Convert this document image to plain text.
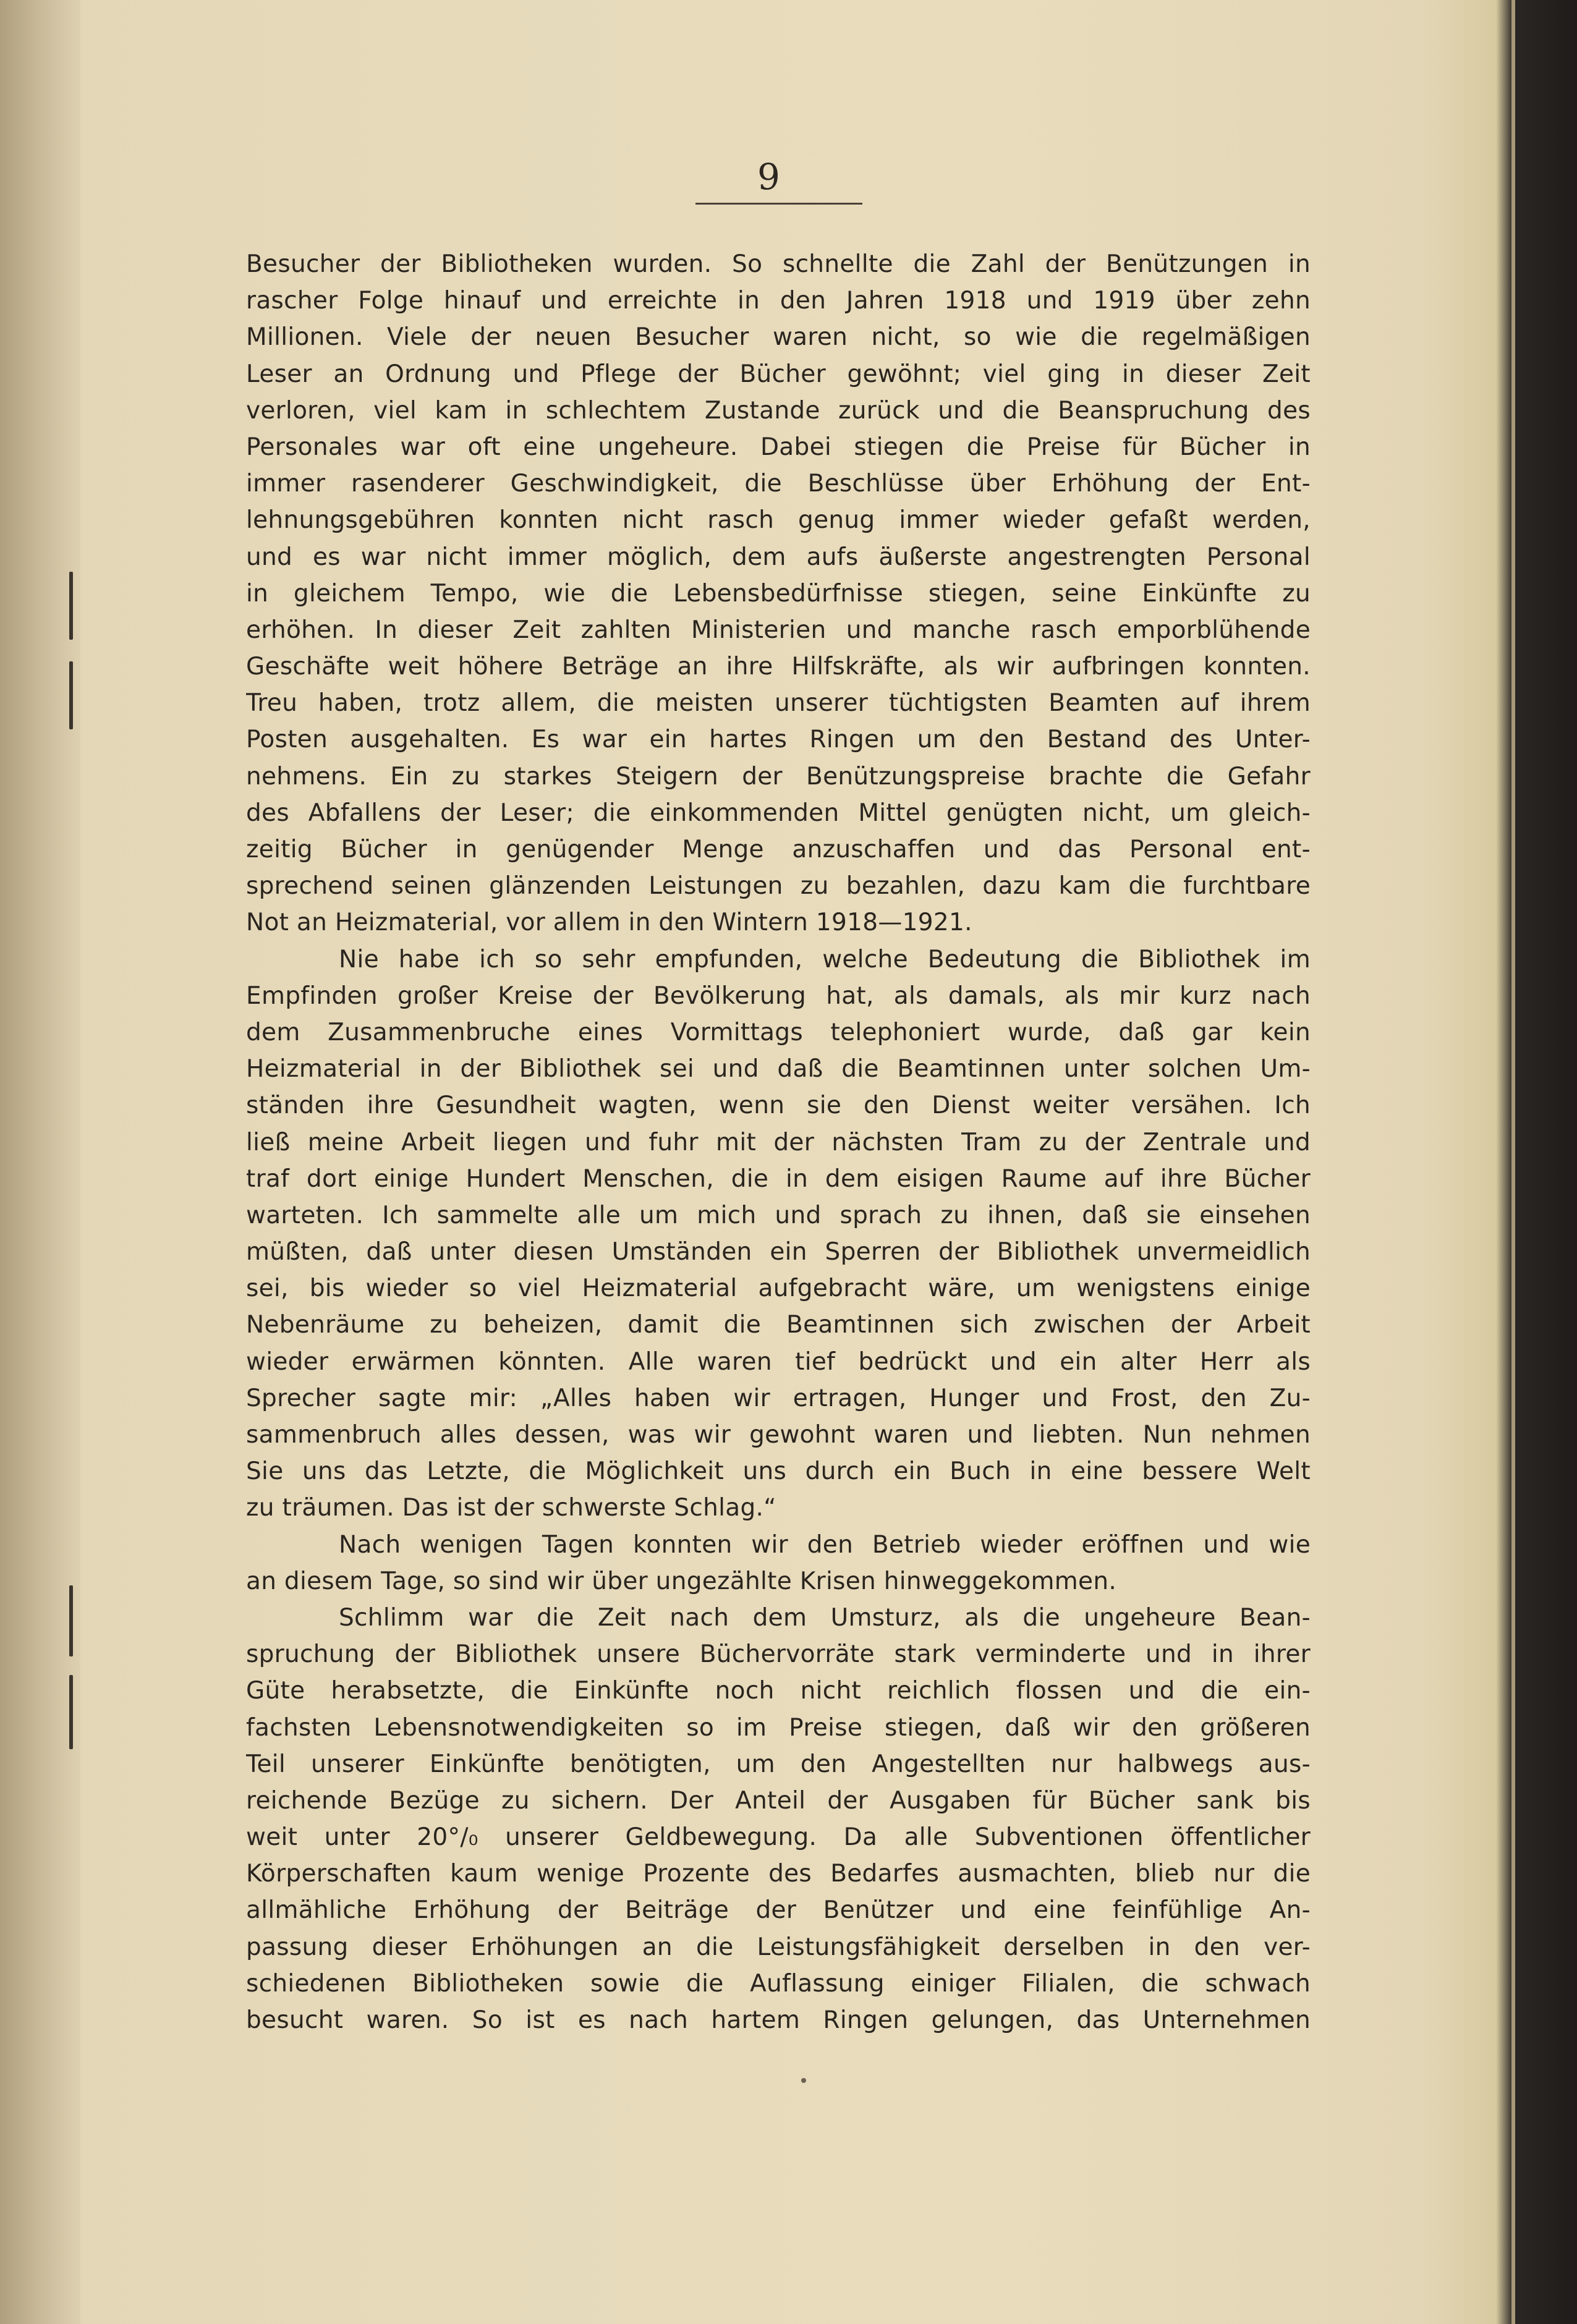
9
Besucher der Bibliotheken wurden. So schnellte die Zahl der Benützungen in
rascher Folge hinauf und erreichte in den Jahren 1918 und 1919 über zehn
Millionen. Viele der neuen Besucher waren nicht, so wie die regelmäßigen
Leser an Ordnung und Pflege der Bücher gewöhnt; viel ging in dieser Zeit
verloren, viel kam in schlechtem Zustande zurück und die Beanspruchung des
Personales war oft eine ungeheure. Dabei stiegen die Preise für Bücher in
immer rasenderer Geschwindigkeit, die Beschlüsse über Erhöhung der Ent-
lehnungsgebühren konnten nicht rasch genug immer wieder gefaßt werden,
und es war nicht immer möglich, dem aufs äußerste angestrengten Personal
in gleichem Tempo, wie die Lebensbedürfnisse stiegen, seine Einkünfte zu
erhöhen. In dieser Zeit zahlten Ministerien und manche rasch emporblühende
Geschäfte weit höhere Beträge an ihre Hilfskräfte, als wir aufbringen konnten.
Treu haben, trotz allem, die meisten unserer tüchtigsten Beamten auf ihrem
Posten ausgehalten. Es war ein hartes Ringen um den Bestand des Unter-
nehmens. Ein zu starkes Steigern der Benützungspreise brachte die Gefahr
des Abfallens der Leser; die einkommenden Mittel genügten nicht, um gleich-
zeitig Bücher in genügender Menge anzuschaffen und das Personal ent-
sprechend seinen glänzenden Leistungen zu bezahlen, dazu kam die furchtbare
Not an Heizmaterial, vor allem in den Wintern 1918—1921.
Nie habe ich so sehr empfunden, welche Bedeutung die Bibliothek im
Empfinden großer Kreise der Bevölkerung hat, als damals, als mir kurz nach
dem Zusammenbruche eines Vormittags telephoniert wurde, daß gar kein
Heizmaterial in der Bibliothek sei und daß die Beamtinnen unter solchen Um-
ständen ihre Gesundheit wagten, wenn sie den Dienst weiter versähen. Ich
ließ meine Arbeit liegen und fuhr mit der nächsten Tram zu der Zentrale und
traf dort einige Hundert Menschen, die in dem eisigen Raume auf ihre Bücher
warteten. Ich sammelte alle um mich und sprach zu ihnen, daß sie einsehen
müßten, daß unter diesen Umständen ein Sperren der Bibliothek unvermeidlich
sei, bis wieder so viel Heizmaterial aufgebracht wäre, um wenigstens einige
Nebenräume zu beheizen, damit die Beamtinnen sich zwischen der Arbeit
wieder erwärmen könnten. Alle waren tief bedrückt und ein alter Herr als
Sprecher sagte mir: „Alles haben wir ertragen, Hunger und Frost, den Zu-
sammenbruch alles dessen, was wir gewohnt waren und liebten. Nun nehmen
Sie uns das Letzte, die Möglichkeit uns durch ein Buch in eine bessere Welt
zu träumen. Das ist der schwerste Schlag.“
Nach wenigen Tagen konnten wir den Betrieb wieder eröffnen und wie
an diesem Tage, so sind wir über ungezählte Krisen hinweggekommen.
Schlimm war die Zeit nach dem Umsturz, als die ungeheure Bean-
spruchung der Bibliothek unsere Büchervorräte stark verminderte und in ihrer
Güte herabsetzte, die Einkünfte noch nicht reichlich flossen und die ein-
fachsten Lebensnotwendigkeiten so im Preise stiegen, daß wir den größeren
Teil unserer Einkünfte benötigten, um den Angestellten nur halbwegs aus-
reichende Bezüge zu sichern. Der Anteil der Ausgaben für Bücher sank bis
weit unter 20°/₀ unserer Geldbewegung. Da alle Subventionen öffentlicher
Körperschaften kaum wenige Prozente des Bedarfes ausmachten, blieb nur die
allmähliche Erhöhung der Beiträge der Benützer und eine feinfühlige An-
passung dieser Erhöhungen an die Leistungsfähigkeit derselben in den ver-
schiedenen Bibliotheken sowie die Auflassung einiger Filialen, die schwach
besucht waren. So ist es nach hartem Ringen gelungen, das Unternehmen
